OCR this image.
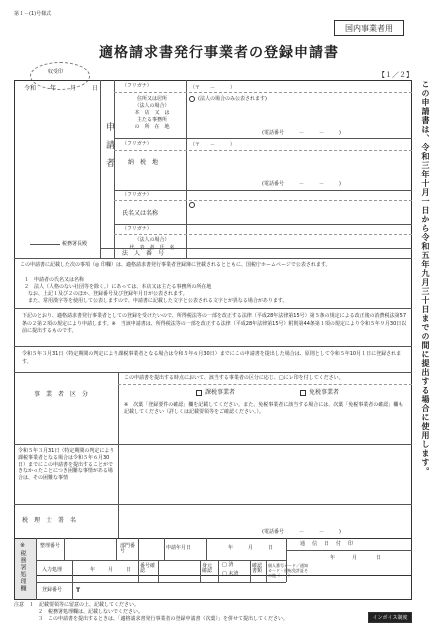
第１－(1)号様式
国内事業者用
適格請求書発行事業者の登録申請書
収受印	【１／２】
この申請書は、令和三年十月一日から令和五年九月三十日までの間に提出する場合に使用します。
令和 年 月	日
申　請　者
（フリガナ）	（〒　　－　　　）
住所又は居所
（法人の場合）
本　店　又　は
主たる事務所
の　所　在　地
(法人の場合のみ公表されます)
(電話番号　　　－　　　－　　　)
（フリガナ）	（〒　　－　　　）
納　税　地
(電話番号　　　－　　　－　　　)
（フリガナ）
氏名又は名称
（フリガナ）
（法人の場合）
代　表　者　氏　名
法　人　番　号
税務署長殿
この申請書に記載した次の事項（◎ 印欄）は、適格請求書発行事業者登録簿に登載されるとともに、国税庁ホームページで公表されます。
１　申請者の氏名又は名称
２　法人（人格のない社団等を除く。）にあっては、本店又は主たる事務所の所在地
なお、上記１及び２のほか、登録番号及び登録年月日が公表されます。
また、常用漢字等を使用して公表しますので、申請書に記載した文字と公表される文字とが異なる場合があります。
下記のとおり、適格請求書発行事業者としての登録を受けたいので、所得税法等の一部を改正する法律（平成28年法律第15号）第５条の規定による改正後の消費税法第57条の２第２項の規定により申請します。※　当該申請書は、所得税法等の一部を改正する法律（平成28年法律第15号）附則第44条第１項の規定により令和５年９月30日以前に提出するものです。
令和５年３月31日（特定期間の判定により課税事業者となる場合は令和５年６月30日）までにこの申請書を提出した場合は、原則として令和５年10月１日に登録されます。
事　業　者　区　分
この申請書を提出する時点において、該当する事業者の区分に応じ、□にレ印を付してください。
課税事業者	免税事業者
※　次葉「登録要件の確認」欄を記載してください。また、免税事業者に該当する場合には、次葉「免税事業者の確認」欄も記載してください（詳しくは記載要領等をご確認ください。）。
令和５年３月31日（特定期間の判定により課税事業者となる場合は令和５年６月30日）までにこの申請書を提出することができなかったことにつき困難な事情がある場合は、その困難な事情
税　理　士　署　名
(電話番号　　　－　　　－　　　)
※税務署処理欄	整理番号	部門番号	申請年月日	年	月	日
入力処理	年	月	日
番号確認
身元確認
□ 済
□ 未済
確認書類
個人番号カード／通知カード・運転免許証その他（　　）
通　信　日　付　印
年	月	日
登録番号 T
注意　１　記載要領等に留意の上、記載してください。
２　税務署処理欄は、記載しないでください。
３　この申請書を提出するときは、「適格請求書発行事業者の登録申請書（次葉）」を併せて提出してください。	インボイス制度
